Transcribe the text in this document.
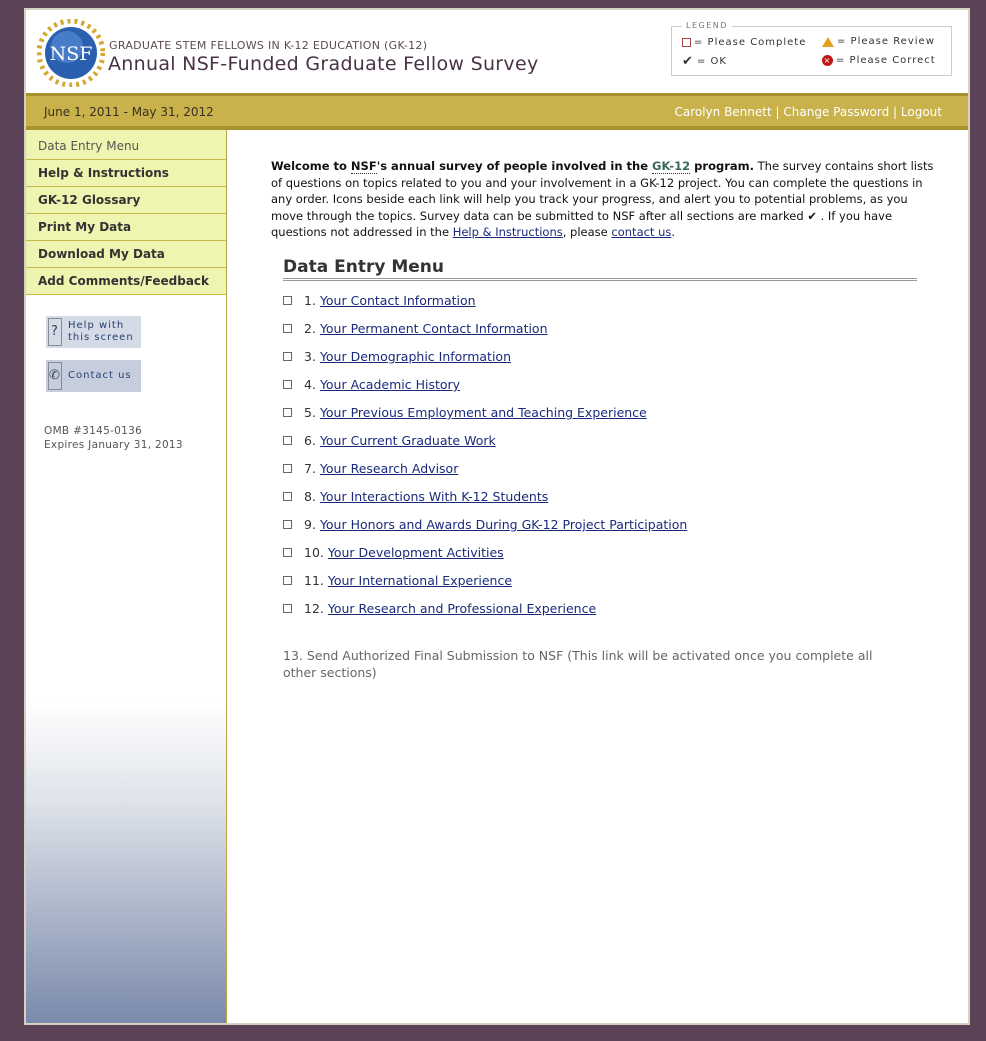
NSF GRADUATE STEM FELLOWS IN K-12 EDUCATION (GK-12)
Annual NSF-Funded Graduate Fellow Survey
LEGEND
= Please Complete	= Please Review
✔ = OK	× = Please Correct
June 1, 2011 - May 31, 2012	Carolyn Bennett | Change Password | Logout
Data Entry Menu
Help & Instructions
GK-12 Glossary
Print My Data
Download My Data
Add Comments/Feedback
? Help with this screen
✆ Contact us
OMB #3145-0136
Expires January 31, 2013

Welcome to NSF's annual survey of people involved in the GK-12 program. The survey contains short lists of questions on topics related to you and your involvement in a GK-12 project. You can complete the questions in any order. Icons beside each link will help you track your progress, and alert you to potential problems, as you move through the topics. Survey data can be submitted to NSF after all sections are marked ✔ . If you have questions not addressed in the Help & Instructions, please contact us.

Data Entry Menu
1. Your Contact Information
2. Your Permanent Contact Information
3. Your Demographic Information
4. Your Academic History
5. Your Previous Employment and Teaching Experience
6. Your Current Graduate Work
7. Your Research Advisor
8. Your Interactions With K-12 Students
9. Your Honors and Awards During GK-12 Project Participation
10. Your Development Activities
11. Your International Experience
12. Your Research and Professional Experience
13. Send Authorized Final Submission to NSF (This link will be activated once you complete all other sections)
